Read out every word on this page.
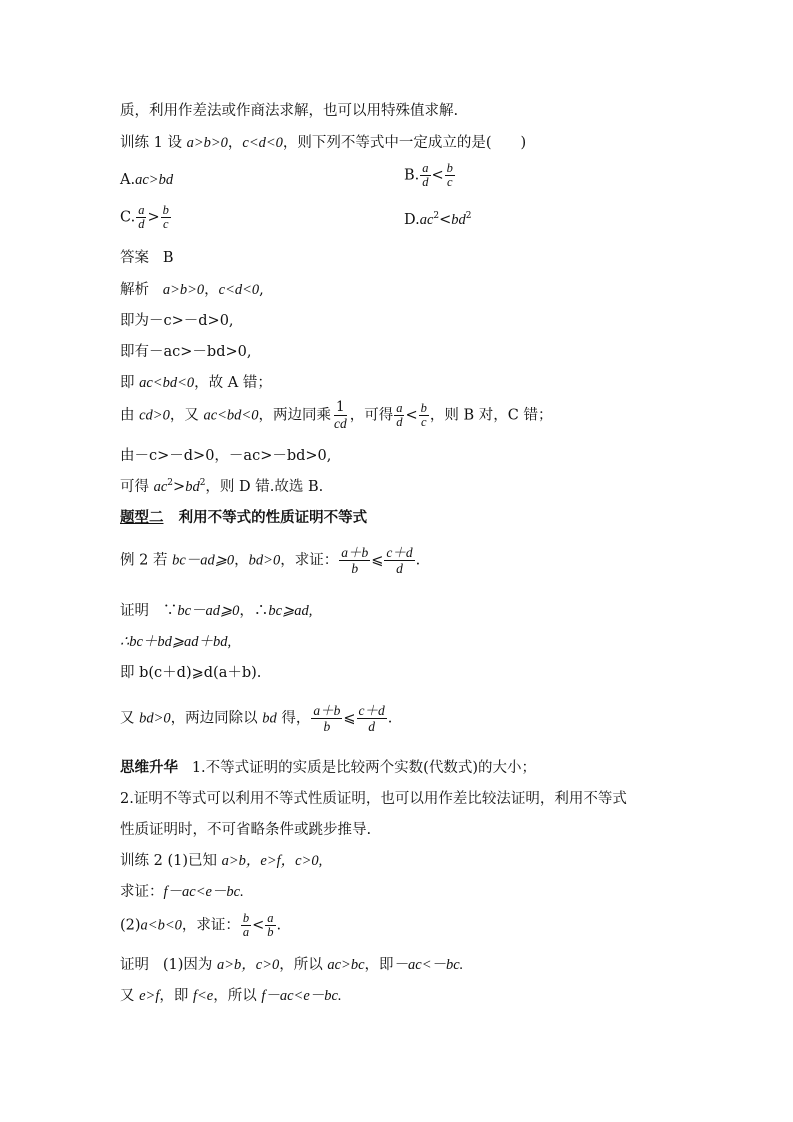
质，利用作差法或作商法求解，也可以用特殊值求解.
训练 1 设 a>b>0，c<d<0，则下列不等式中一定成立的是(　　)
A.ac>bd	B. $\frac{a}{d} < \frac{b}{c}$
C. $\frac{a}{d} > \frac{b}{c}$	$D.ac^2<bd^2$
答案 B
解析 a>b>0，c<d<0,
即为－c>－d>0,
即有－ac>－bd>0,
即 ac<bd<0，故 A 错；
由 cd>0，又 ac<bd<0，两边同乘 $\frac{1}{cd}$ ，可得 $\frac{a}{d} < \frac{b}{c}$ ，则 B 对，C 错；
由－c>－d>0，－ac>－bd>0,
可得 $ac^2>bd^2$，则 D 错.故选 B.
题型二 利用不等式的性质证明不等式
例 2 若 bc－ad⩾0，bd>0，求证： $\frac{a+b}{b}$ ⩽ $\frac{c+d}{d}$ .
证明 ∵bc－ad⩾0，∴bc⩾ad,
∴bc＋bd⩾ad＋bd,
即 b(c＋d)⩾d(a＋b).
又 bd>0，两边同除以 bd 得， $\frac{a+b}{b}$ ⩽ $\frac{c+d}{d}$ .
思维升华 1.不等式证明的实质是比较两个实数(代数式)的大小；
2.证明不等式可以利用不等式性质证明，也可以用作差比较法证明，利用不等式
性质证明时，不可省略条件或跳步推导.
训练 2 (1)已知 a>b，e>f，c>0,
求证：f－ac<e－bc.
(2)a<b<0，求证： $\frac{b}{a} < \frac{a}{b}$ .
证明 (1)因为 a>b，c>0，所以 ac>bc，即－ac<－bc.
又 e>f，即 f<e，所以 f－ac<e－bc.
